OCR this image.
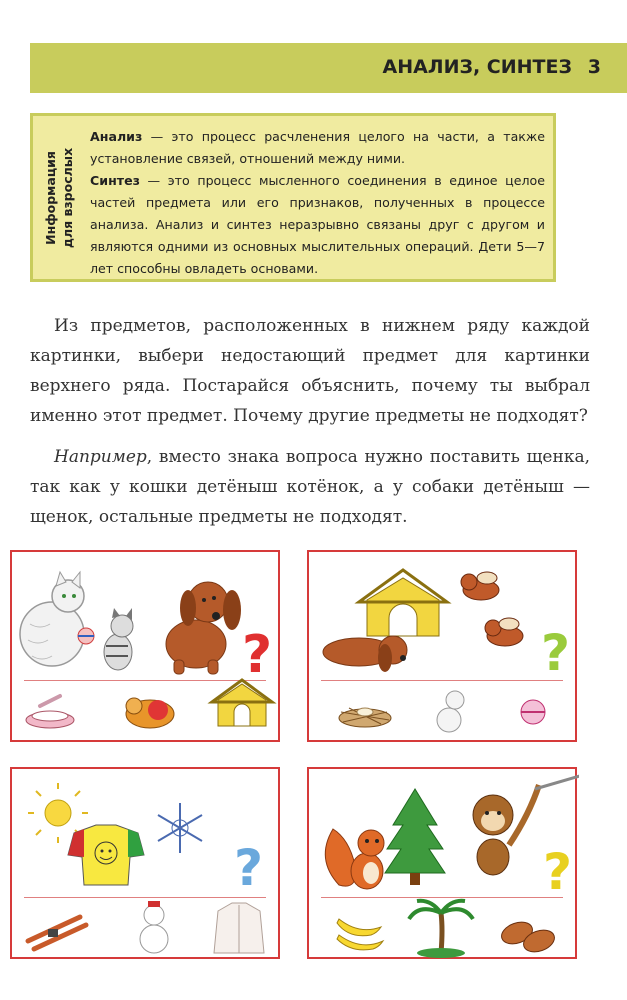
АНАЛИЗ, СИНТЕЗ 3
Информация для взрослых
Анализ — это процесс расчленения целого на части, а также установление связей, отношений между ними.
Синтез — это процесс мысленного соединения в единое целое частей предмета или его признаков, полученных в процессе анализа. Анализ и синтез неразрывно связаны друг с другом и являются одними из основных мыслительных операций. Дети 5—7 лет способны овладеть основами.
Из предметов, расположенных в нижнем ряду каждой картинки, выбери недостающий предмет для картинки верхнего ряда. Постарайся объяснить, почему ты выбрал именно этот предмет. Почему другие предметы не подходят?
Например, вместо знака вопроса нужно поставить щенка, так как у кошки детёныш котёнок, а у собаки детёныш — щенок, остальные предметы не подходят.
?	?
?	?
